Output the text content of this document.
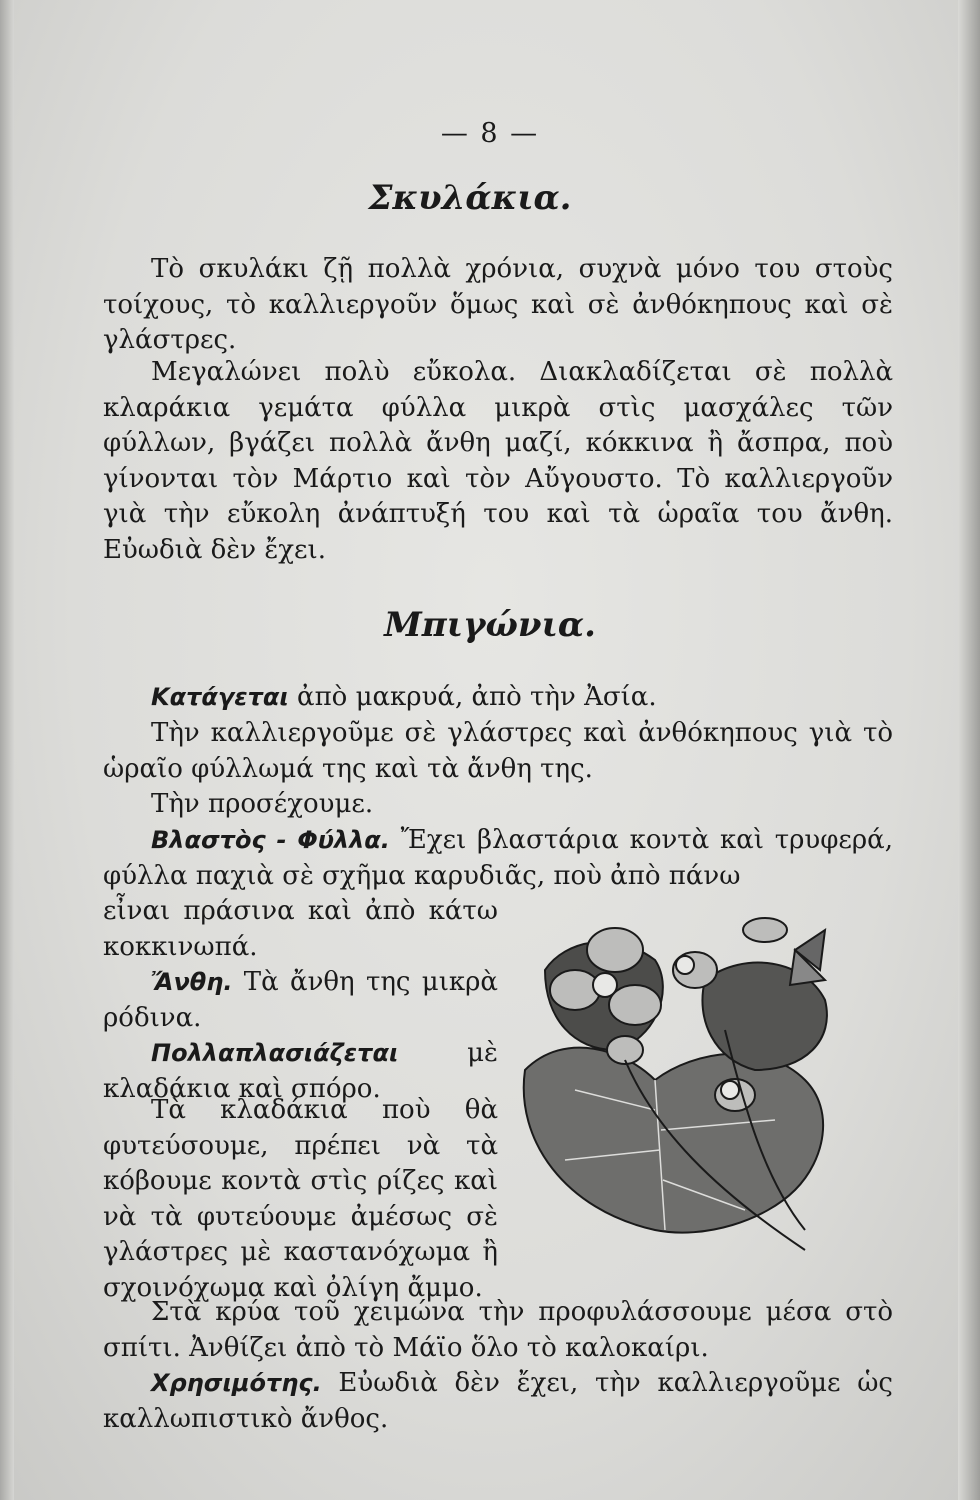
— 8 —
Σκυλάκια.

Τὸ σκυλάκι ζῇ πολλὰ χρόνια, συχνὰ μόνο του στοὺς τοίχους, τὸ καλλιεργοῦν ὅμως καὶ σὲ ἀνθόκηπους καὶ σὲ γλάστρες.

Μεγαλώνει πολὺ εὔκολα. Διακλαδίζεται σὲ πολλὰ κλαράκια γεμάτα φύλλα μικρὰ στὶς μασχάλες τῶν φύλλων, βγάζει πολλὰ ἄνθη μαζί, κόκκινα ἢ ἄσπρα, ποὺ γίνονται τὸν Μάρτιο καὶ τὸν Αὔγουστο. Τὸ καλλιεργοῦν γιὰ τὴν εὔκολη ἀνάπτυξή του καὶ τὰ ὡραῖα του ἄνθη. Εὐωδιὰ δὲν ἔχει.

Μπιγώνια.

Κατάγεται ἀπὸ μακρυά, ἀπὸ τὴν Ἀσία.

Τὴν καλλιεργοῦμε σὲ γλάστρες καὶ ἀνθόκηπους γιὰ τὸ ὡραῖο φύλλωμά της καὶ τὰ ἄνθη της.

Τὴν προσέχουμε.

Βλαστὸς - Φύλλα. Ἔχει βλαστάρια κοντὰ καὶ τρυφερά, φύλλα παχιὰ σὲ σχῆμα καρυδιᾶς, ποὺ ἀπὸ πάνω

εἶναι πράσινα καὶ ἀπὸ κάτω κοκκινωπά.

Ἄνθη. Τὰ ἄνθη της μικρὰ ρόδινα.

Πολλαπλασιάζεται μὲ κλαδάκια καὶ σπόρο.

Τὰ κλαδάκια ποὺ θὰ φυτεύσουμε, πρέπει νὰ τὰ κόβουμε κοντὰ στὶς ρίζες καὶ νὰ τὰ φυτεύουμε ἀμέσως σὲ γλάστρες μὲ καστανόχωμα ἢ σχοινόχωμα καὶ ὀλίγη ἄμμο.

Στὰ κρύα τοῦ χειμώνα τὴν προφυλάσσουμε μέσα στὸ σπίτι. Ἀνθίζει ἀπὸ τὸ Μάϊο ὅλο τὸ καλοκαίρι.

Χρησιμότης. Εὐωδιὰ δὲν ἔχει, τὴν καλλιεργοῦμε ὡς καλλωπιστικὸ ἄνθος.
